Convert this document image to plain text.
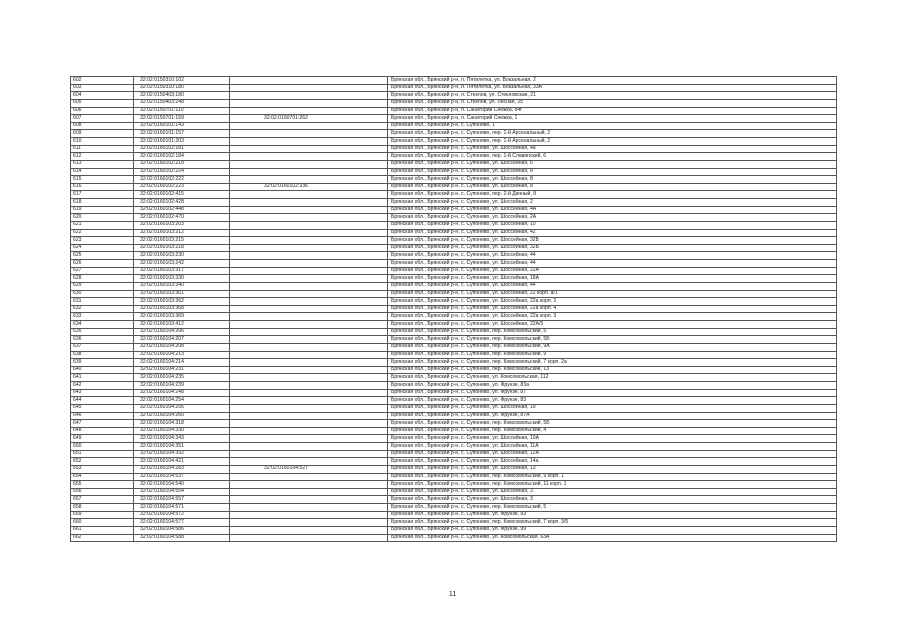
602	32:02:0150310:102		Брянская обл., Брянский р-н, п. Пятилетка, ул. Вокзальная, 2
603	32:02:0150310:180		Брянская обл., Брянский р-н, п. Пятилетка, ул. Вокзальная, 33А
604	32:02:0150403:180		Брянская обл., Брянский р-н, п. Стеклов, ул. Стекловская, 21
605	32:02:0150403:248		Брянская обл., Брянский р-н, п. Стеклов, ул. Лесная, 25
606	32:02:0150701:110		Брянская обл., Брянский р-н, п. Санаторий Снежка, 84г
607	32:02:0150701:159	32:02:0150701:262	Брянская обл., Брянский р-н, п. Санаторий Снежка, 1
608	32:02:0160101:143		Брянская обл., Брянский р-н, с. Супонево, 1
609	32:02:0160101:157		Брянская обл., Брянский р-н, с. Супонево, пер. 1-й Арсенальный, 2
610	32:02:0160101:203		Брянская обл., Брянский р-н, с. Супонево, пер. 1-й Арсенальный, 2
611	32:02:0160102:181		Брянская обл., Брянский р-н, с. Супонево, ул. Шоссейная, 4а
612	32:02:0160102:184		Брянская обл., Брянский р-н, с. Супонево, пер. 1-й Славянский, 6
613	32:02:0160102:218		Брянская обл., Брянский р-н, с. Супонево, ул. Шоссейная, 6
614	32:02:0160102:224		Брянская обл., Брянский р-н, с. Супонево, ул. Шоссейная, 8
615	32:02:0160102:222		Брянская обл., Брянский р-н, с. Супонево, ул. Шоссейная, 8
616	32:02:0160102:223	32:02:0160102:336	Брянская обл., Брянский р-н, с. Супонево, ул. Шоссейная, 8
617	32:02:0160102:415		Брянская обл., Брянский р-н, с. Супонево, пер. 2-й Дачный, 8
618	32:02:0160102:428		Брянская обл., Брянский р-н, с. Супонево, ул. Шоссейная, 2
619	32:02:0160102:448		Брянская обл., Брянский р-н, с. Супонево, ул. Шоссейная, 4А
620	32:02:0160102:470		Брянская обл., Брянский р-н, с. Супонево, ул. Шоссейная, 2А
621	32:02:0160103:203		Брянская обл., Брянский р-н, с. Супонево, ул. Шоссейная, 10
622	32:02:0160103:212		Брянская обл., Брянский р-н, с. Супонево, ул. Шоссейная, 42
623	32:02:0160103:215		Брянская обл., Брянский р-н, с. Супонево, ул. Шоссейная, 32Б
624	32:02:0160103:218		Брянская обл., Брянский р-н, с. Супонево, ул. Шоссейная, 32Б
625	32:02:0160103:230		Брянская обл., Брянский р-н, с. Супонево, ул. Шоссейная, 44
626	32:02:0160103:242		Брянская обл., Брянский р-н, с. Супонево, ул. Шоссейная, 44
627	32:02:0160103:317		Брянская обл., Брянский р-н, с. Супонево, ул. Шоссейная, 22А
628	32:02:0160103:330		Брянская обл., Брянский р-н, с. Супонево, ул. Шоссейная, 18А
629	32:02:0160103:340		Брянская обл., Брянский р-н, с. Супонево, ул. Шоссейная, 44
630	32:02:0160103:361		Брянская обл., Брянский р-н, с. Супонево, ул. Шоссейная, 22 корп. а/1
631	32:02:0160103:362		Брянская обл., Брянский р-н, с. Супонево, ул. Шоссейная, 22а корп. 2
632	32:02:0160103:368		Брянская обл., Брянский р-н, с. Супонево, ул. Шоссейная, 22а корп. 4
633	32:02:0160103:369		Брянская обл., Брянский р-н, с. Супонево, ул. Шоссейная, 22а корп. 3
634	32:02:0160103:412		Брянская обл., Брянский р-н, с. Супонево, ул. Шоссейная, 22А/5
635	32:02:0160104:206		Брянская обл., Брянский р-н, с. Супонево, пер. Комсомольский, 5
636	32:02:0160104:207		Брянская обл., Брянский р-н, с. Супонево, пер. Комсомольский, 5Б
637	32:02:0160104:208		Брянская обл., Брянский р-н, с. Супонево, пер. Комсомольский, 9А
638	32:02:0160104:213		Брянская обл., Брянский р-н, с. Супонево, пер. Комсомольский, 9
639	32:02:0160104:214		Брянская обл., Брянский р-н, с. Супонево, пер. Комсомольский, 7 корп. 2а
640	32:02:0160104:231		Брянская обл., Брянский р-н, с. Супонево, пер. Комсомольский, 13
641	32:02:0160104:235		Брянская обл., Брянский р-н, с. Супонево, ул. Комсомольская, 112
642	32:02:0160104:239		Брянская обл., Брянский р-н, с. Супонево, ул. Фрунзе, 83а
643	32:02:0160104:248		Брянская обл., Брянский р-н, с. Супонево, ул. Фрунзе, 87
644	32:02:0160104:254		Брянская обл., Брянский р-н, с. Супонево, ул. Фрунзе, 83
645	32:02:0160104:256		Брянская обл., Брянский р-н, с. Супонево, ул. Шоссейная, 19
646	32:02:0160104:260		Брянская обл., Брянский р-н, с. Супонево, ул. Фрунзе, 87А
647	32:02:0160104:318		Брянская обл., Брянский р-н, с. Супонево, пер. Комсомольский, 5Б
648	32:02:0160104:330		Брянская обл., Брянский р-н, с. Супонево, пер. Комсомольский, 4
649	32:02:0160104:343		Брянская обл., Брянский р-н, с. Супонево, ул. Шоссейная, 10А
650	32:02:0160104:351		Брянская обл., Брянский р-н, с. Супонево, ул. Шоссейная, 11А
651	32:02:0160104:392		Брянская обл., Брянский р-н, с. Супонево, ул. Шоссейная, 12А
652	32:02:0160104:421		Брянская обл., Брянский р-н, с. Супонево, ул. Шоссейная, 14а
653	32:02:0160104:283	32:02:0160104:527	Брянская обл., Брянский р-н, с. Супонево, ул. Шоссейная, 13
654	32:02:0160104:537		Брянская обл., Брянский р-н, с. Супонево, пер. Комсомольский, 9 корп. 1
655	32:02:0160104:540		Брянская обл., Брянский р-н, с. Супонево, пер. Комсомольский, 11 корп. 1
656	32:02:0160104:554		Брянская обл., Брянский р-н, с. Супонево, ул. Шоссейная, 3
657	32:02:0160104:557		Брянская обл., Брянский р-н, с. Супонево, ул. Шоссейная, 3
658	32:02:0160104:571		Брянская обл., Брянский р-н, с. Супонево, пер. Комсомольский, 5
659	32:02:0160104:572		Брянская обл., Брянский р-н, с. Супонево, ул. Фрунзе, 93
660	32:02:0160104:577		Брянская обл., Брянский р-н, с. Супонево, пер. Комсомольский, 7 корп. 3/5
661	32:02:0160104:586		Брянская обл., Брянский р-н, с. Супонево, ул. Фрунзе, 99
662	32:02:0160104:588		Брянская обл., Брянский р-н, с. Супонево, ул. Комсомольская, 63А
11
